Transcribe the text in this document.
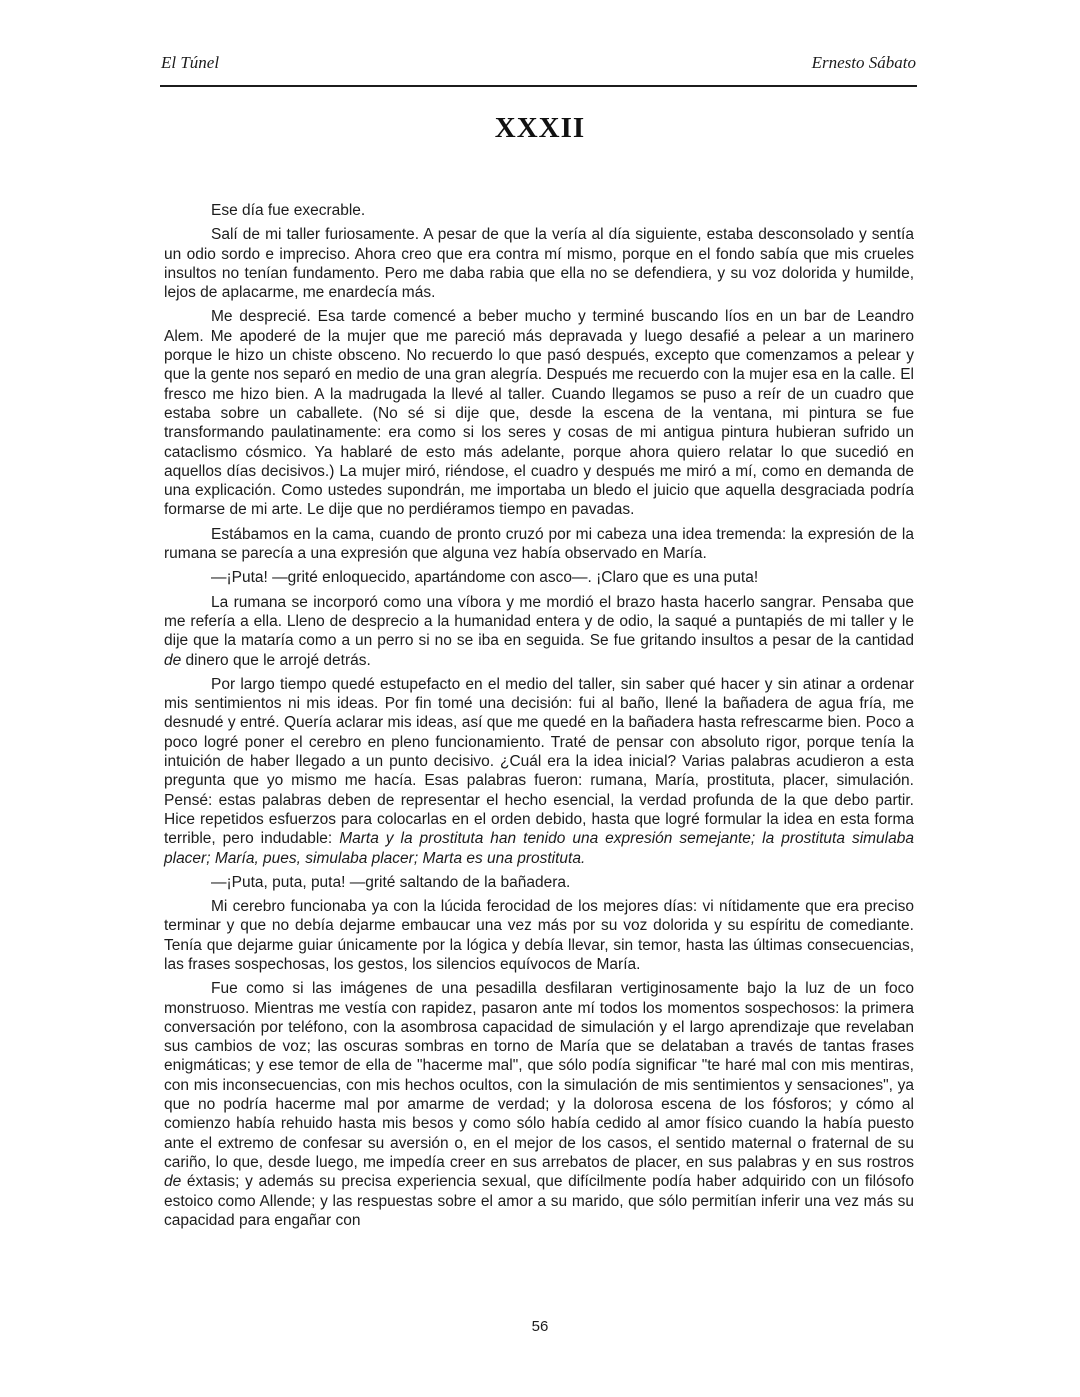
El Túnel	Ernesto Sábato
XXXII

Ese día fue execrable.

Salí de mi taller furiosamente. A pesar de que la vería al día siguiente, estaba desconsolado y sentía un odio sordo e impreciso. Ahora creo que era contra mí mismo, porque en el fondo sabía que mis crueles insultos no tenían fundamento. Pero me daba rabia que ella no se defendiera, y su voz dolorida y humilde, lejos de aplacarme, me enardecía más.

Me desprecié. Esa tarde comencé a beber mucho y terminé buscando líos en un bar de Leandro Alem. Me apoderé de la mujer que me pareció más depravada y luego desafié a pelear a un marinero porque le hizo un chiste obsceno. No recuerdo lo que pasó después, excepto que comenzamos a pelear y que la gente nos separó en medio de una gran alegría. Después me recuerdo con la mujer esa en la calle. El fresco me hizo bien. A la madrugada la llevé al taller. Cuando llegamos se puso a reír de un cuadro que estaba sobre un caballete. (No sé si dije que, desde la escena de la ventana, mi pintura se fue transformando paulatinamente: era como si los seres y cosas de mi antigua pintura hubieran sufrido un cataclismo cósmico. Ya hablaré de esto más adelante, porque ahora quiero relatar lo que sucedió en aquellos días decisivos.) La mujer miró, riéndose, el cuadro y después me miró a mí, como en demanda de una explicación. Como ustedes supondrán, me importaba un bledo el juicio que aquella desgraciada podría formarse de mi arte. Le dije que no perdiéramos tiempo en pavadas.

Estábamos en la cama, cuando de pronto cruzó por mi cabeza una idea tremenda: la expresión de la rumana se parecía a una expresión que alguna vez había observado en María.

—¡Puta! —grité enloquecido, apartándome con asco—. ¡Claro que es una puta!

La rumana se incorporó como una víbora y me mordió el brazo hasta hacerlo sangrar. Pensaba que me refería a ella. Lleno de desprecio a la humanidad entera y de odio, la saqué a puntapiés de mi taller y le dije que la mataría como a un perro si no se iba en seguida. Se fue gritando insultos a pesar de la cantidad de dinero que le arrojé detrás.

Por largo tiempo quedé estupefacto en el medio del taller, sin saber qué hacer y sin atinar a ordenar mis sentimientos ni mis ideas. Por fin tomé una decisión: fui al baño, llené la bañadera de agua fría, me desnudé y entré. Quería aclarar mis ideas, así que me quedé en la bañadera hasta refrescarme bien. Poco a poco logré poner el cerebro en pleno funcionamiento. Traté de pensar con absoluto rigor, porque tenía la intuición de haber llegado a un punto decisivo. ¿Cuál era la idea inicial? Varias palabras acudieron a esta pregunta que yo mismo me hacía. Esas palabras fueron: rumana, María, prostituta, placer, simulación. Pensé: estas palabras deben de representar el hecho esencial, la verdad profunda de la que debo partir. Hice repetidos esfuerzos para colocarlas en el orden debido, hasta que logré formular la idea en esta forma terrible, pero indudable: Marta y la prostituta han tenido una expresión semejante; la prostituta simulaba placer; María, pues, simulaba placer; Marta es una prostituta.

—¡Puta, puta, puta! —grité saltando de la bañadera.

Mi cerebro funcionaba ya con la lúcida ferocidad de los mejores días: vi nítidamente que era preciso terminar y que no debía dejarme embaucar una vez más por su voz dolorida y su espíritu de comediante. Tenía que dejarme guiar únicamente por la lógica y debía llevar, sin temor, hasta las últimas consecuencias, las frases sospechosas, los gestos, los silencios equívocos de María.

Fue como si las imágenes de una pesadilla desfilaran vertiginosamente bajo la luz de un foco monstruoso. Mientras me vestía con rapidez, pasaron ante mí todos los momentos sospechosos: la primera conversación por teléfono, con la asombrosa capacidad de simulación y el largo aprendizaje que revelaban sus cambios de voz; las oscuras sombras en torno de María que se delataban a través de tantas frases enigmáticas; y ese temor de ella de "hacerme mal", que sólo podía significar "te haré mal con mis mentiras, con mis inconsecuencias, con mis hechos ocultos, con la simulación de mis sentimientos y sensaciones", ya que no podría hacerme mal por amarme de verdad; y la dolorosa escena de los fósforos; y cómo al comienzo había rehuido hasta mis besos y como sólo había cedido al amor físico cuando la había puesto ante el extremo de confesar su aversión o, en el mejor de los casos, el sentido maternal o fraternal de su cariño, lo que, desde luego, me impedía creer en sus arrebatos de placer, en sus palabras y en sus rostros de éxtasis; y además su precisa experiencia sexual, que difícilmente podía haber adquirido con un filósofo estoico como Allende; y las respuestas sobre el amor a su marido, que sólo permitían inferir una vez más su capacidad para engañar con

56
